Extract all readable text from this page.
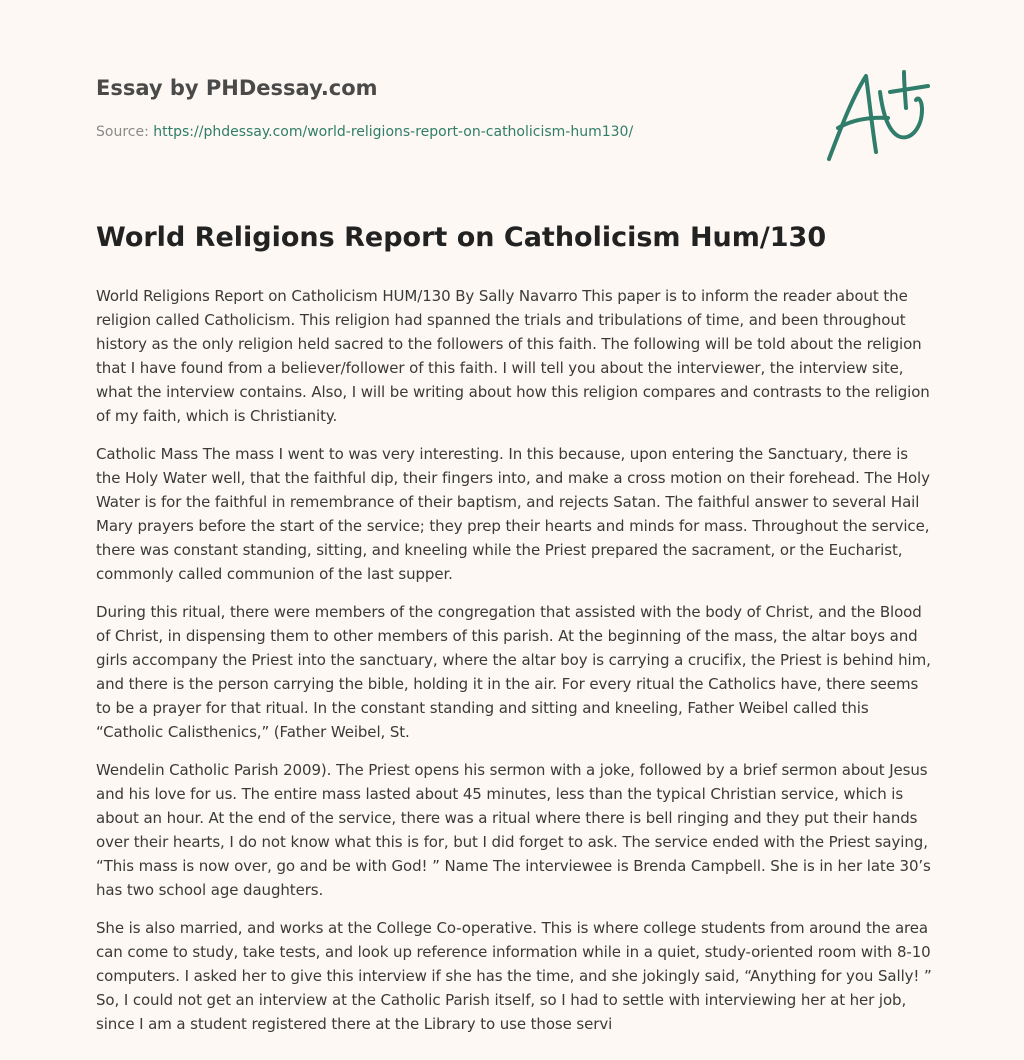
Essay by PHDessay.com
Source: https://phdessay.com/world-religions-report-on-catholicism-hum130/
World Religions Report on Catholicism Hum/130

World Religions Report on Catholicism HUM/130 By Sally Navarro This paper is to inform the reader about the religion called Catholicism. This religion had spanned the trials and tribulations of time, and been throughout history as the only religion held sacred to the followers of this faith. The following will be told about the religion that I have found from a believer/follower of this faith. I will tell you about the interviewer, the interview site, what the interview contains. Also, I will be writing about how this religion compares and contrasts to the religion of my faith, which is Christianity.

Catholic Mass The mass I went to was very interesting. In this because, upon entering the Sanctuary, there is the Holy Water well, that the faithful dip, their fingers into, and make a cross motion on their forehead. The Holy Water is for the faithful in remembrance of their baptism, and rejects Satan. The faithful answer to several Hail Mary prayers before the start of the service; they prep their hearts and minds for mass. Throughout the service, there was constant standing, sitting, and kneeling while the Priest prepared the sacrament, or the Eucharist, commonly called communion of the last supper.

During this ritual, there were members of the congregation that assisted with the body of Christ, and the Blood of Christ, in dispensing them to other members of this parish. At the beginning of the mass, the altar boys and girls accompany the Priest into the sanctuary, where the altar boy is carrying a crucifix, the Priest is behind him, and there is the person carrying the bible, holding it in the air. For every ritual the Catholics have, there seems to be a prayer for that ritual. In the constant standing and sitting and kneeling, Father Weibel called this “Catholic Calisthenics,” (Father Weibel, St.

Wendelin Catholic Parish 2009). The Priest opens his sermon with a joke, followed by a brief sermon about Jesus and his love for us. The entire mass lasted about 45 minutes, less than the typical Christian service, which is about an hour. At the end of the service, there was a ritual where there is bell ringing and they put their hands over their hearts, I do not know what this is for, but I did forget to ask. The service ended with the Priest saying, “This mass is now over, go and be with God! ” Name The interviewee is Brenda Campbell. She is in her late 30’s has two school age daughters.

She is also married, and works at the College Co-operative. This is where college students from around the area can come to study, take tests, and look up reference information while in a quiet, study-oriented room with 8-10 computers. I asked her to give this interview if she has the time, and she jokingly said, “Anything for you Sally! ” So, I could not get an interview at the Catholic Parish itself, so I had to settle with interviewing her at her job, since I am a student registered there at the Library to use those servi
